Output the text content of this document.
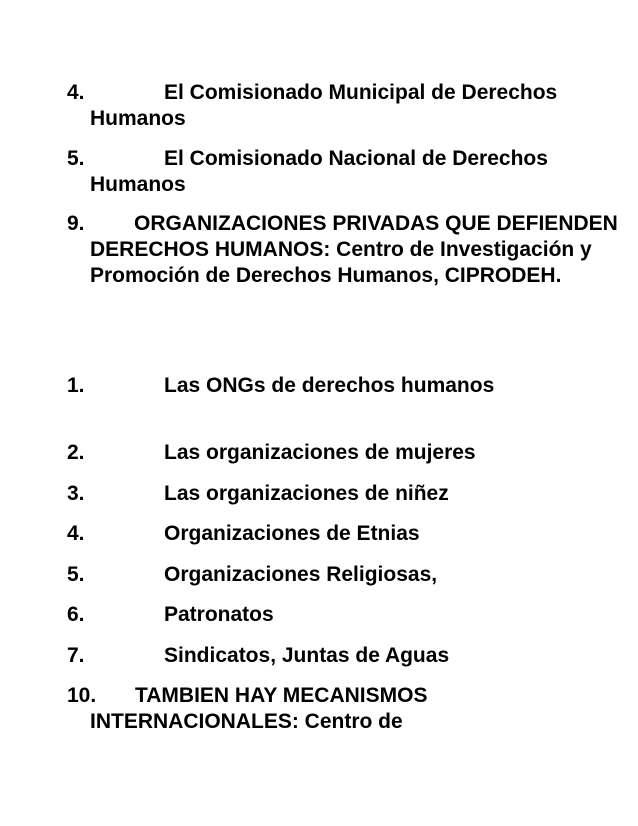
4.	El Comisionado Municipal de Derechos Humanos
5.	El Comisionado Nacional de Derechos Humanos
9.	ORGANIZACIONES PRIVADAS QUE DEFIENDEN DERECHOS HUMANOS: Centro de Investigación y Promoción de Derechos Humanos, CIPRODEH.
1.	Las ONGs de derechos humanos
2.	Las organizaciones de mujeres
3.	Las organizaciones de niñez
4.	Organizaciones de Etnias
5.	Organizaciones Religiosas,
6.	Patronatos
7.	Sindicatos, Juntas de Aguas
10.	TAMBIEN HAY MECANISMOS INTERNACIONALES: Centro de
